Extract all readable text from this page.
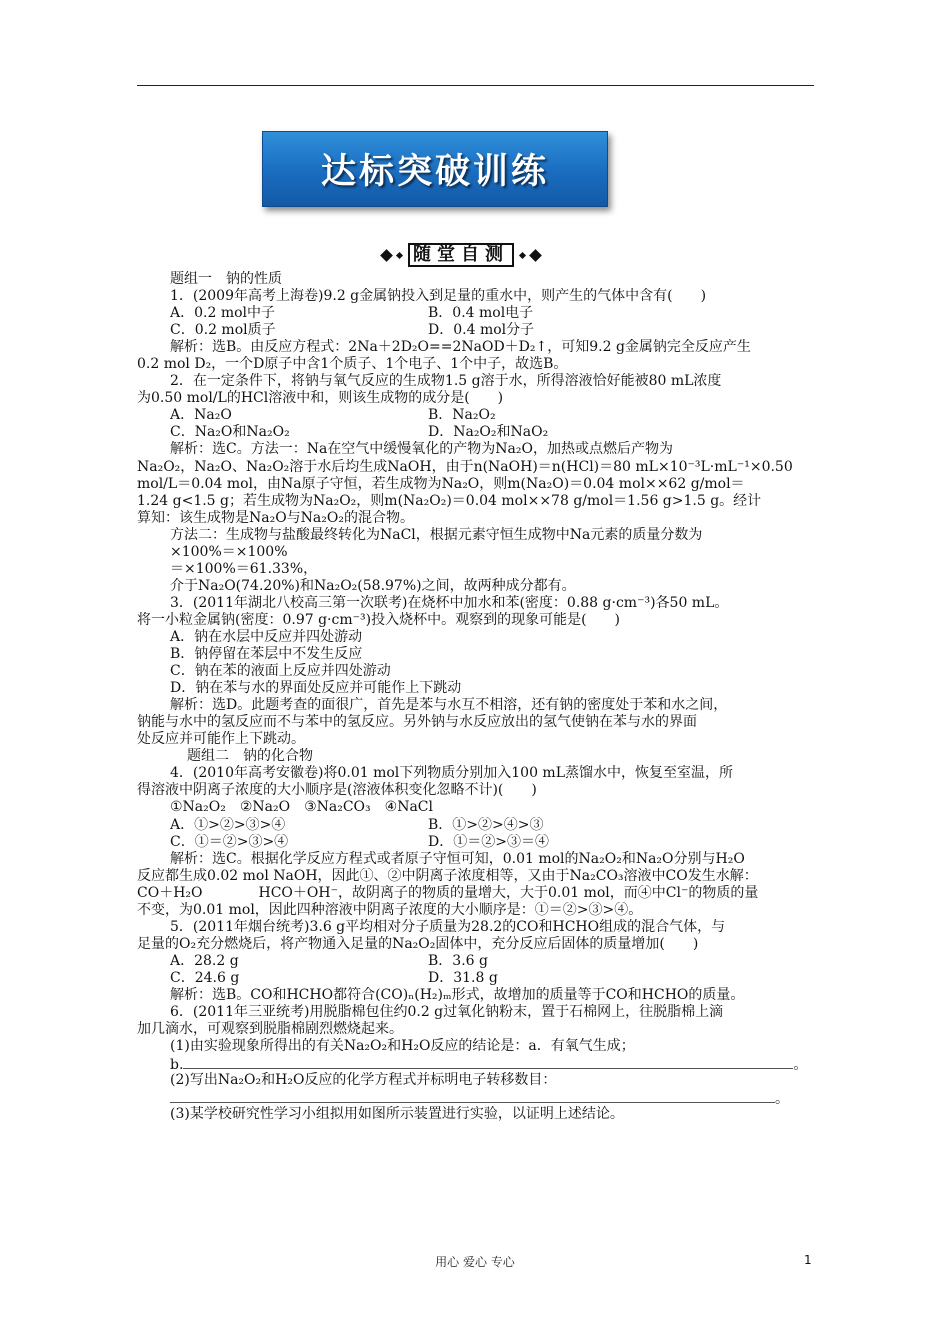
达标突破训练
随堂自测
题组一　钠的性质
1．(2009年高考上海卷)9.2 g金属钠投入到足量的重水中，则产生的气体中含有(　　)
A．0.2 mol中子	B．0.4 mol电子
C．0.2 mol质子	D．0.4 mol分子
解析：选B。由反应方程式：2Na＋2D₂O==2NaOD＋D₂↑，可知9.2 g金属钠完全反应产生
0.2 mol D₂，一个D原子中含1个质子、1个电子、1个中子，故选B。
2．在一定条件下，将钠与氧气反应的生成物1.5 g溶于水，所得溶液恰好能被80 mL浓度
为0.50 mol/L的HCl溶液中和，则该生成物的成分是(　　)
A．Na₂O	B．Na₂O₂
C．Na₂O和Na₂O₂	D．Na₂O₂和NaO₂
解析：选C。方法一：Na在空气中缓慢氧化的产物为Na₂O，加热或点燃后产物为
Na₂O₂，Na₂O、Na₂O₂溶于水后均生成NaOH，由于n(NaOH)＝n(HCl)＝80 mL×10⁻³L·mL⁻¹×0.50
mol/L＝0.04 mol，由Na原子守恒，若生成物为Na₂O，则m(Na₂O)＝0.04 mol××62 g/mol＝
1.24 g<1.5 g；若生成物为Na₂O₂，则m(Na₂O₂)＝0.04 mol××78 g/mol＝1.56 g>1.5 g。经计
算知：该生成物是Na₂O与Na₂O₂的混合物。
方法二：生成物与盐酸最终转化为NaCl，根据元素守恒生成物中Na元素的质量分数为
×100%＝×100%
＝×100%＝61.33%，
介于Na₂O(74.20%)和Na₂O₂(58.97%)之间，故两种成分都有。
3．(2011年湖北八校高三第一次联考)在烧杯中加水和苯(密度：0.88 g·cm⁻³)各50 mL。
将一小粒金属钠(密度：0.97 g·cm⁻³)投入烧杯中。观察到的现象可能是(　　)
A．钠在水层中反应并四处游动
B．钠停留在苯层中不发生反应
C．钠在苯的液面上反应并四处游动
D．钠在苯与水的界面处反应并可能作上下跳动
解析：选D。此题考查的面很广，首先是苯与水互不相溶，还有钠的密度处于苯和水之间，
钠能与水中的氢反应而不与苯中的氢反应。另外钠与水反应放出的氢气使钠在苯与水的界面
处反应并可能作上下跳动。
题组二　钠的化合物
4．(2010年高考安徽卷)将0.01 mol下列物质分别加入100 mL蒸馏水中，恢复至室温，所
得溶液中阴离子浓度的大小顺序是(溶液体积变化忽略不计)(　　)
①Na₂O₂　②Na₂O　③Na₂CO₃　④NaCl
A．①>②>③>④	B．①>②>④>③
C．①＝②>③>④	D．①＝②>③＝④
解析：选C。根据化学反应方程式或者原子守恒可知，0.01 mol的Na₂O₂和Na₂O分别与H₂O
反应都生成0.02 mol NaOH，因此①、②中阴离子浓度相等，又由于Na₂CO₃溶液中CO发生水解：
CO＋H₂O　　　　HCO＋OH⁻，故阴离子的物质的量增大，大于0.01 mol，而④中Cl⁻的物质的量
不变，为0.01 mol，因此四种溶液中阴离子浓度的大小顺序是：①＝②>③>④。
5．(2011年烟台统考)3.6 g平均相对分子质量为28.2的CO和HCHO组成的混合气体，与
足量的O₂充分燃烧后，将产物通入足量的Na₂O₂固体中，充分反应后固体的质量增加(　　)
A．28.2 g	B．3.6 g
C．24.6 g	D．31.8 g
解析：选B。CO和HCHO都符合(CO)ₙ(H₂)ₘ形式，故增加的质量等于CO和HCHO的质量。
6．(2011年三亚统考)用脱脂棉包住约0.2 g过氧化钠粉末，置于石棉网上，往脱脂棉上滴
加几滴水，可观察到脱脂棉剧烈燃烧起来。
(1)由实验现象所得出的有关Na₂O₂和H₂O反应的结论是：a．有氧气生成；
b.	。
(2)写出Na₂O₂和H₂O反应的化学方程式并标明电子转移数目：
。
(3)某学校研究性学习小组拟用如图所示装置进行实验，以证明上述结论。
用心 爱心 专心	1
